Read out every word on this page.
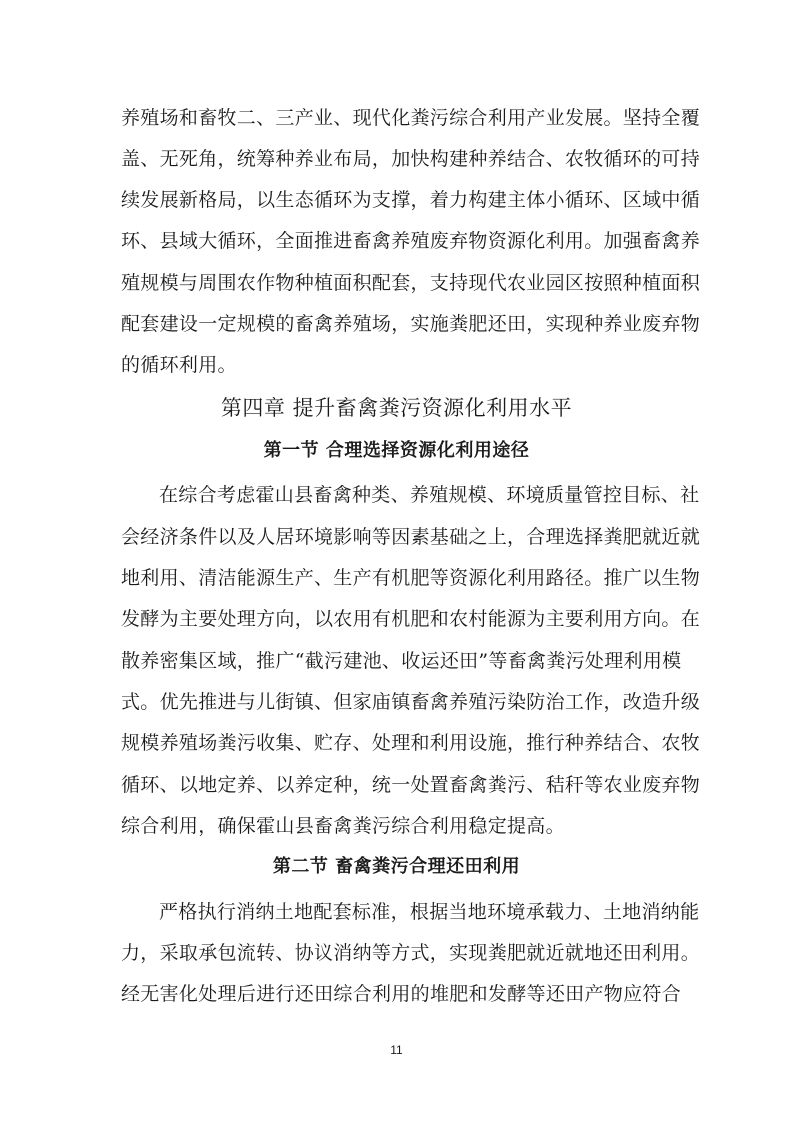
养殖场和畜牧二、三产业、现代化粪污综合利用产业发展。坚持全覆
盖、无死角，统筹种养业布局，加快构建种养结合、农牧循环的可持
续发展新格局，以生态循环为支撑，着力构建主体小循环、区域中循
环、县域大循环，全面推进畜禽养殖废弃物资源化利用。加强畜禽养
殖规模与周围农作物种植面积配套，支持现代农业园区按照种植面积
配套建设一定规模的畜禽养殖场，实施粪肥还田，实现种养业废弃物
的循环利用。
第四章 提升畜禽粪污资源化利用水平
第一节 合理选择资源化利用途径
在综合考虑霍山县畜禽种类、养殖规模、环境质量管控目标、社
会经济条件以及人居环境影响等因素基础之上，合理选择粪肥就近就
地利用、清洁能源生产、生产有机肥等资源化利用路径。推广以生物
发酵为主要处理方向，以农用有机肥和农村能源为主要利用方向。在
散养密集区域，推广“截污建池、收运还田”等畜禽粪污处理利用模
式。优先推进与儿街镇、但家庙镇畜禽养殖污染防治工作，改造升级
规模养殖场粪污收集、贮存、处理和利用设施，推行种养结合、农牧
循环、以地定养、以养定种，统一处置畜禽粪污、秸秆等农业废弃物
综合利用，确保霍山县畜禽粪污综合利用稳定提高。
第二节 畜禽粪污合理还田利用
严格执行消纳土地配套标准，根据当地环境承载力、土地消纳能
力，采取承包流转、协议消纳等方式，实现粪肥就近就地还田利用。
经无害化处理后进行还田综合利用的堆肥和发酵等还田产物应符合
11
